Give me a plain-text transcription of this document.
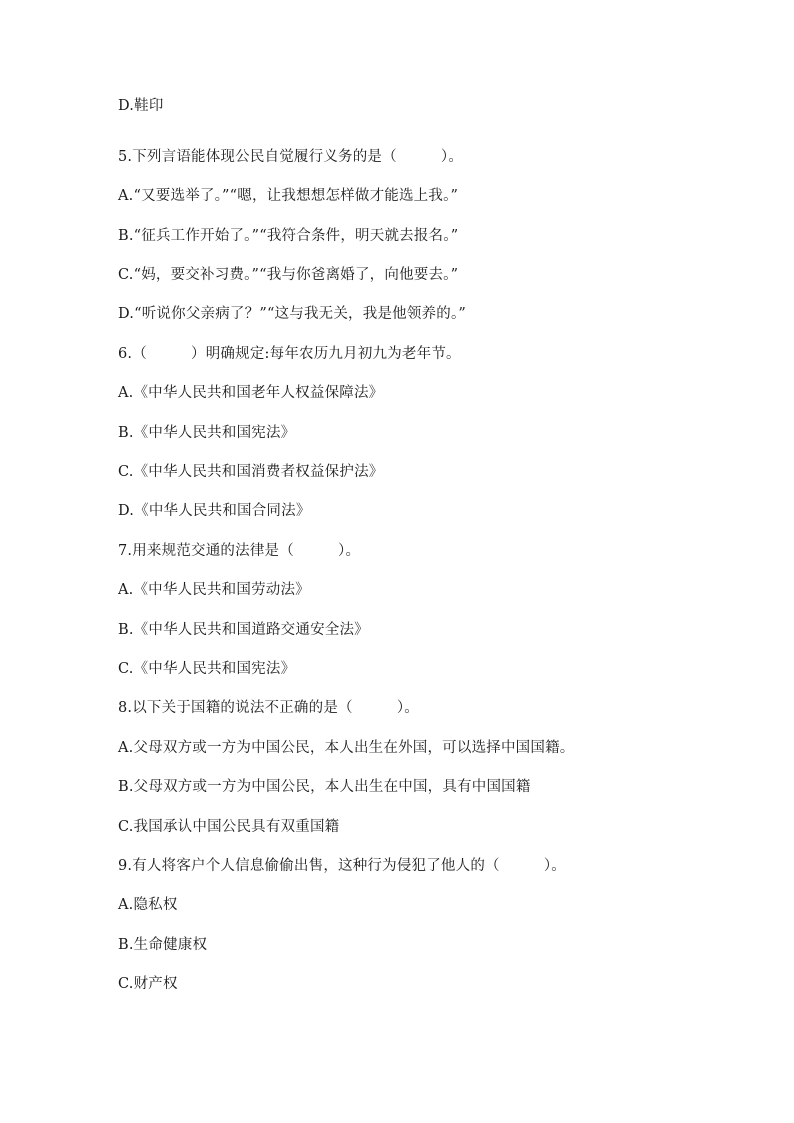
D.鞋印
5.下列言语能体现公民自觉履行义务的是（　　　）。
A.“又要选举了。”“嗯，让我想想怎样做才能选上我。”
B.“征兵工作开始了。”“我符合条件，明天就去报名。”
C.“妈，要交补习费。”“我与你爸离婚了，向他要去。”
D.“听说你父亲病了？”“这与我无关，我是他领养的。”
6.（　　　）明确规定:每年农历九月初九为老年节。
A.《中华人民共和国老年人权益保障法》
B.《中华人民共和国宪法》
C.《中华人民共和国消费者权益保护法》
D.《中华人民共和国合同法》
7.用来规范交通的法律是（　　　）。
A.《中华人民共和国劳动法》
B.《中华人民共和国道路交通安全法》
C.《中华人民共和国宪法》
8.以下关于国籍的说法不正确的是（　　　）。
A.父母双方或一方为中国公民，本人出生在外国，可以选择中国国籍。
B.父母双方或一方为中国公民，本人出生在中国，具有中国国籍
C.我国承认中国公民具有双重国籍
9.有人将客户个人信息偷偷出售，这种行为侵犯了他人的（　　　）。
A.隐私权
B.生命健康权
C.财产权
